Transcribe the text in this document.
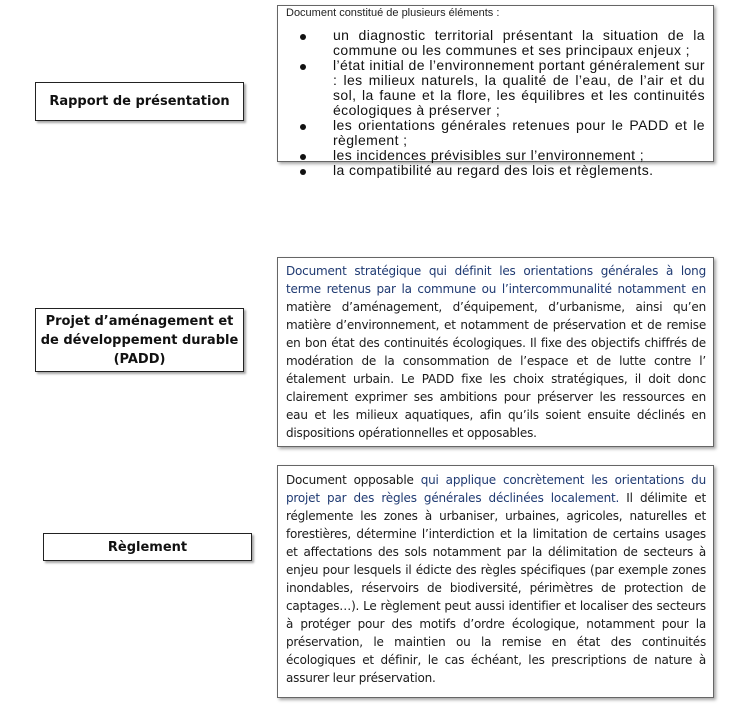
Rapport de présentation
Document constitué de plusieurs éléments :
un diagnostic territorial présentant la situation de la commune ou les communes et ses principaux enjeux ;
l’état initial de l’environnement portant généralement sur : les milieux naturels, la qualité de l’eau, de l’air et du sol, la faune et la flore, les équilibres et les continuités écologiques à préserver ;
les orientations générales retenues pour le PADD et le règlement ;
les incidences prévisibles sur l’environnement ;
la compatibilité au regard des lois et règlements.
Projet d’aménagement et de développement durable (PADD)

Document stratégique qui définit les orientations générales à long terme retenus par la commune ou l’intercommunalité notamment en matière d’aménagement, d’équipement, d’urbanisme, ainsi qu’en matière d’environnement, et notamment de préservation et de remise en bon état des continuités écologiques. Il fixe des objectifs chiffrés de modération de la consommation de l’espace et de lutte contre l’ étalement urbain. Le PADD fixe les choix stratégiques, il doit donc clairement exprimer ses ambitions pour préserver les ressources en eau et les milieux aquatiques, afin qu’ils soient ensuite déclinés en dispositions opérationnelles et opposables.

Règlement

Document opposable qui applique concrètement les orientations du projet par des règles générales déclinées localement. Il délimite et réglemente les zones à urbaniser, urbaines, agricoles, naturelles et forestières, détermine l’interdiction et la limitation de certains usages et affectations des sols notamment par la délimitation de secteurs à enjeu pour lesquels il édicte des règles spécifiques (par exemple zones inondables, réservoirs de biodiversité, périmètres de protection de captages…). Le règlement peut aussi identifier et localiser des secteurs à protéger pour des motifs d’ordre écologique, notamment pour la préservation, le maintien ou la remise en état des continuités écologiques et définir, le cas échéant, les prescriptions de nature à assurer leur préservation.
